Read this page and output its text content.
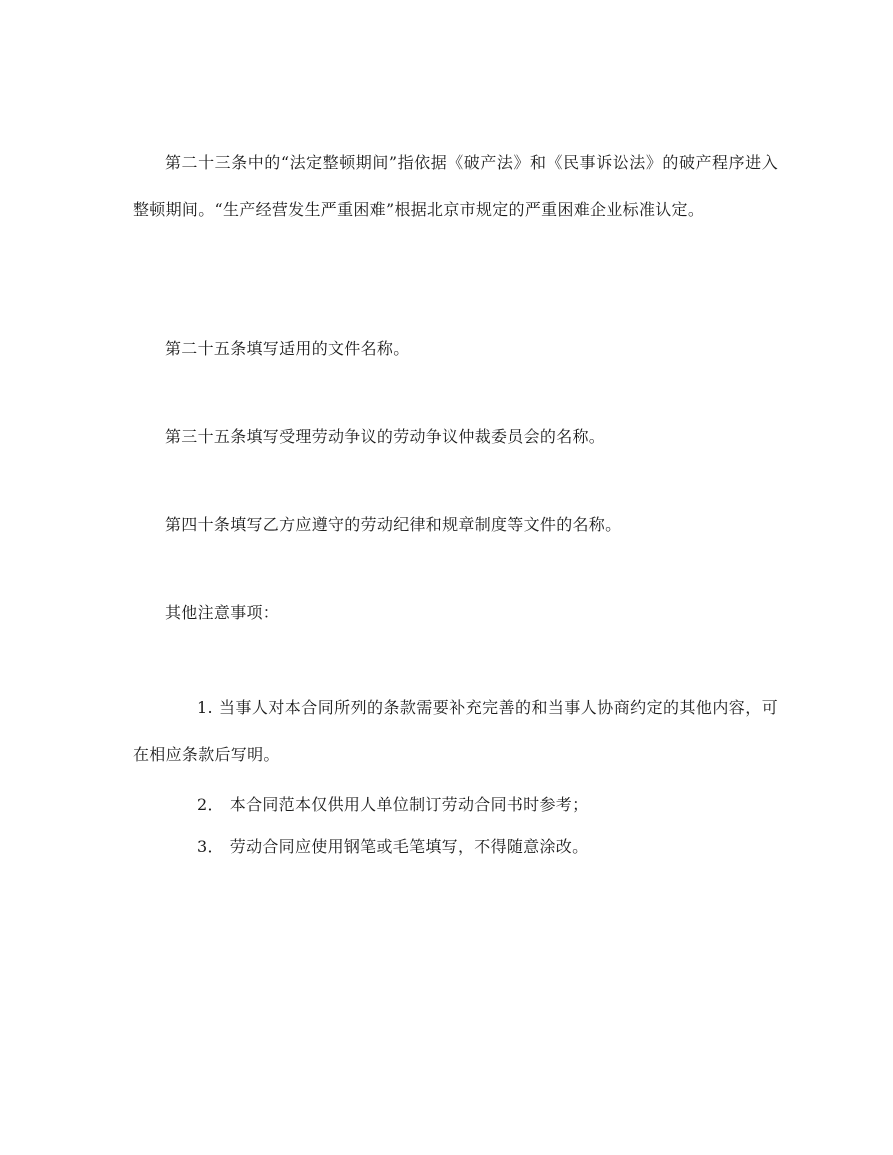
第二十三条中的“法定整顿期间”指依据《破产法》和《民事诉讼法》的破产程序进入整顿期间。“生产经营发生严重困难”根据北京市规定的严重困难企业标准认定。

第二十五条填写适用的文件名称。

第三十五条填写受理劳动争议的劳动争议仲裁委员会的名称。

第四十条填写乙方应遵守的劳动纪律和规章制度等文件的名称。

其他注意事项：

1. 当事人对本合同所列的条款需要补充完善的和当事人协商约定的其他内容，可在相应条款后写明。

2． 本合同范本仅供用人单位制订劳动合同书时参考；

3． 劳动合同应使用钢笔或毛笔填写，不得随意涂改。
